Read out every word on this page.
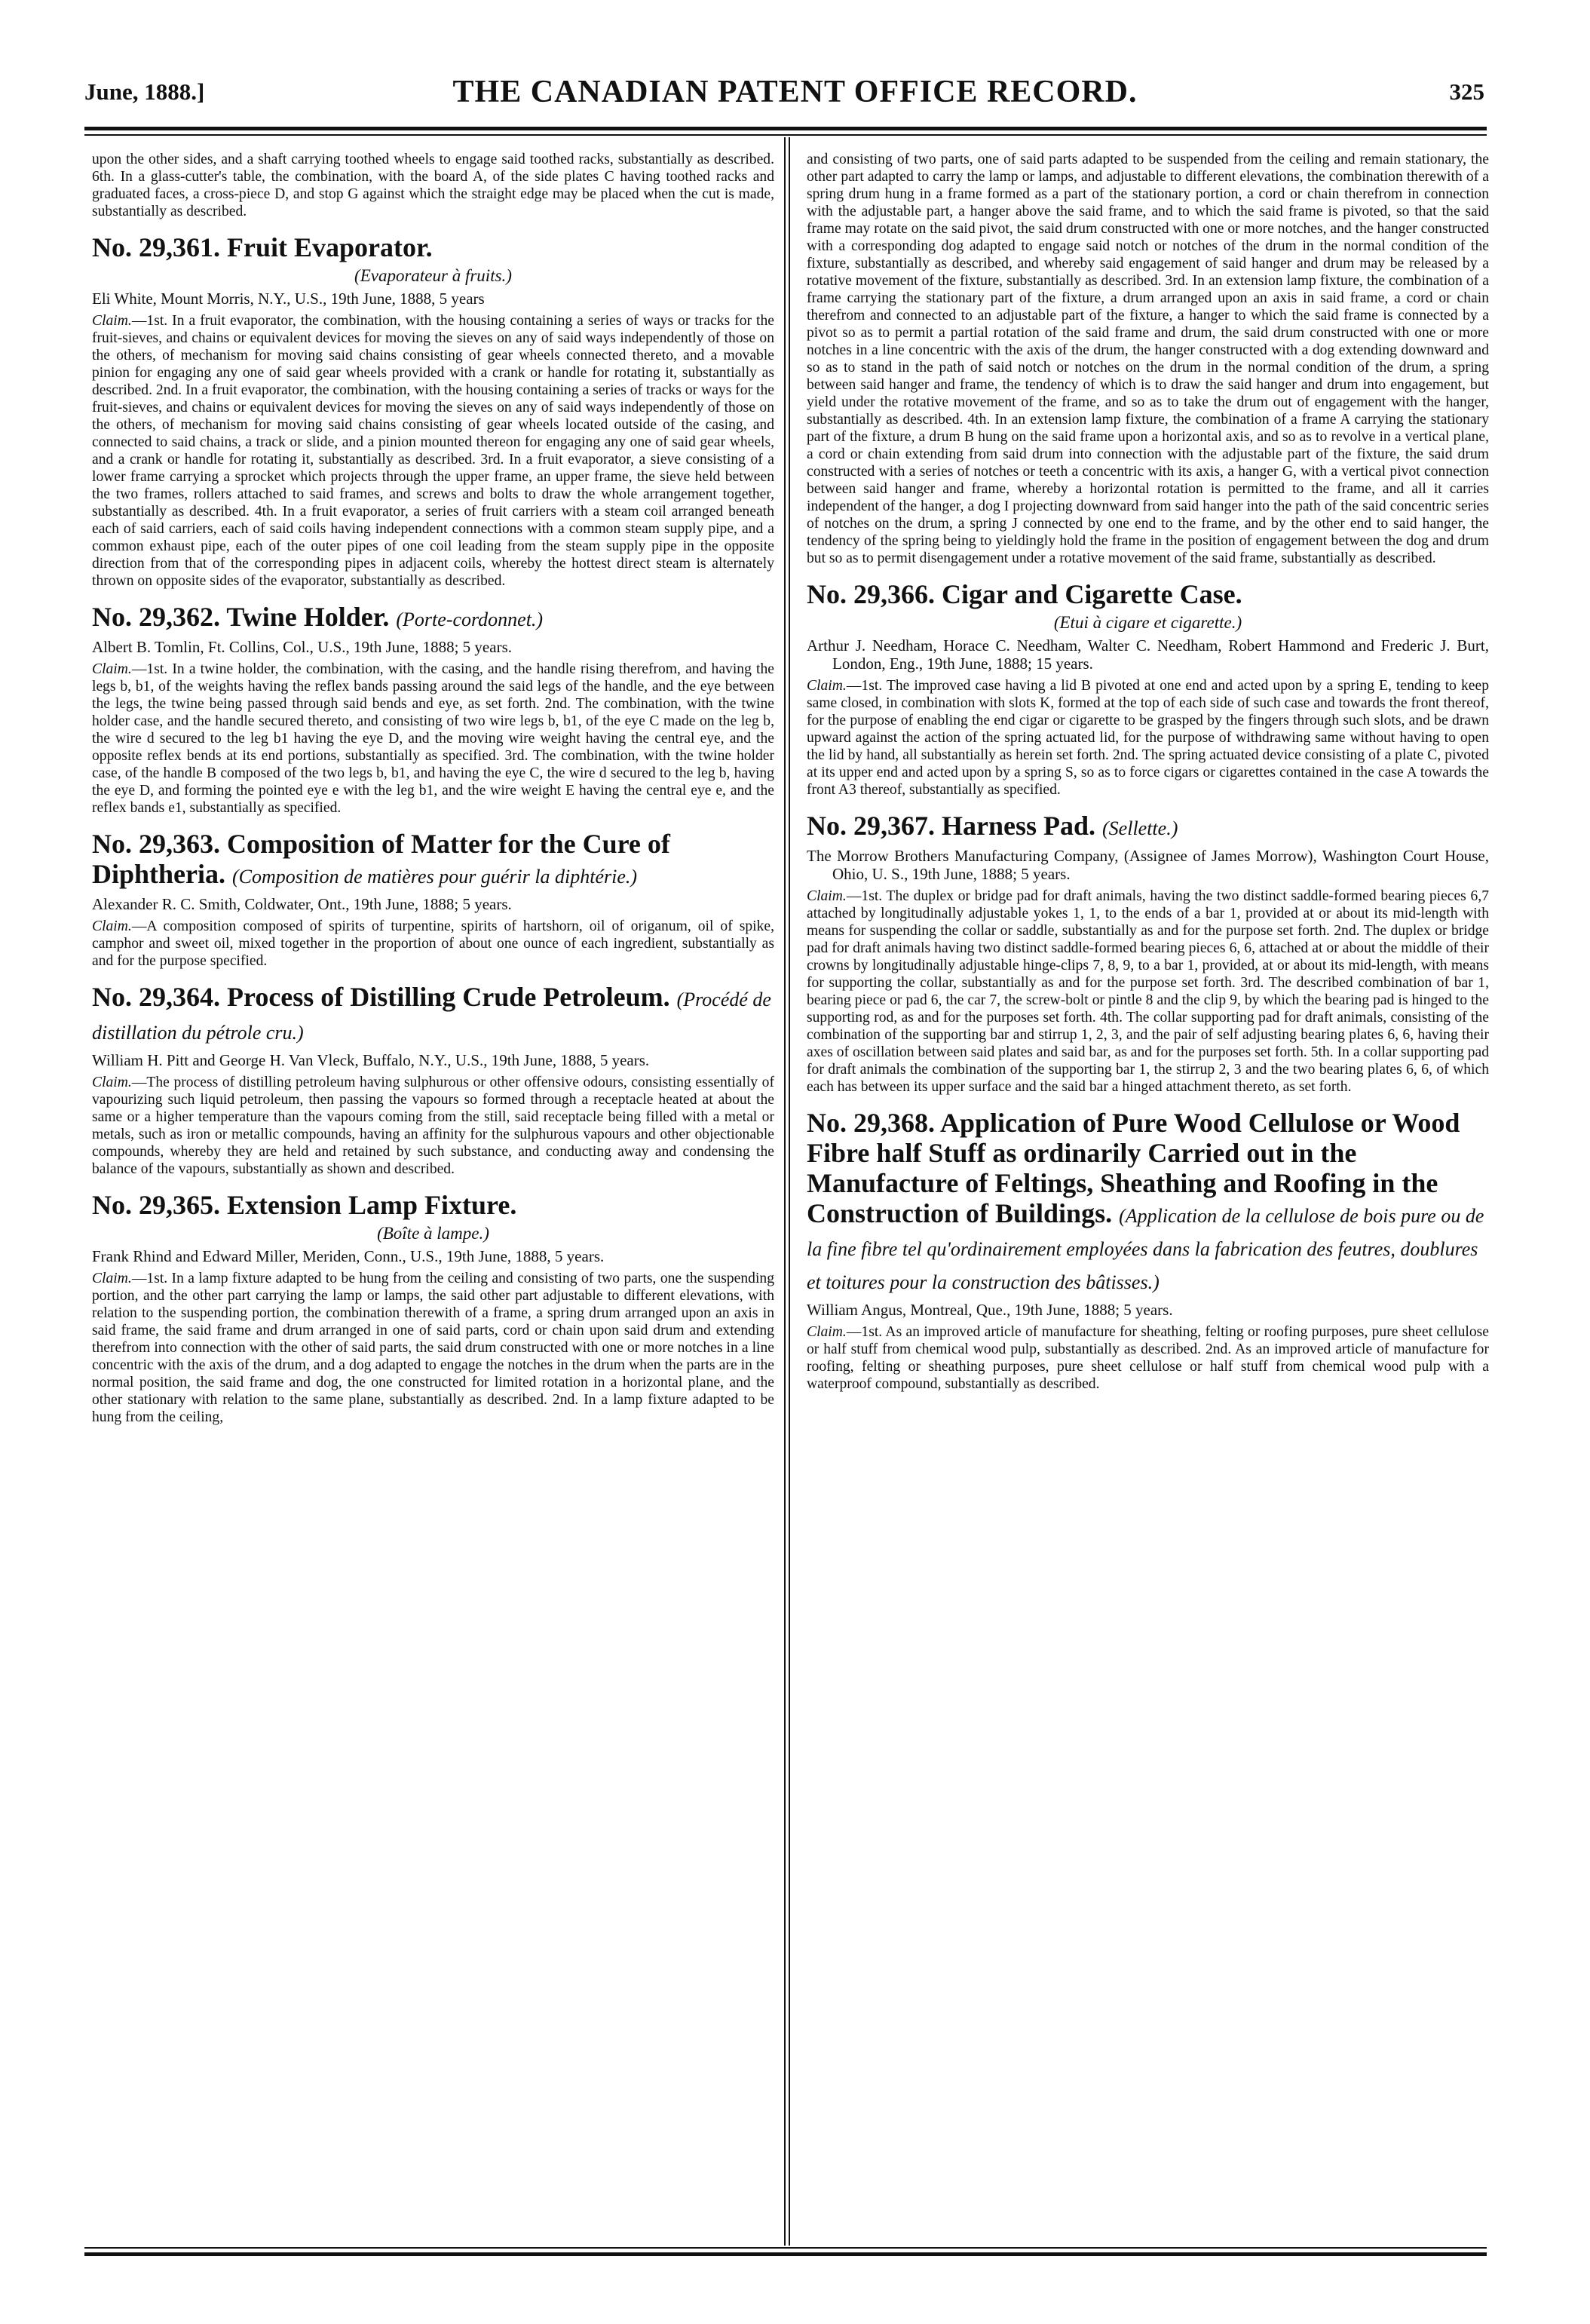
June, 1888.]	THE CANADIAN PATENT OFFICE RECORD.	325

upon the other sides, and a shaft carrying toothed wheels to engage said toothed racks, substantially as described. 6th. In a glass-cutter's table, the combination, with the board A, of the side plates C having toothed racks and graduated faces, a cross-piece D, and stop G against which the straight edge may be placed when the cut is made, substantially as described.

No. 29,361. Fruit Evaporator.

(Evaporateur à fruits.)

Eli White, Mount Morris, N.Y., U.S., 19th June, 1888, 5 years

Claim.—1st. In a fruit evaporator, the combination, with the housing containing a series of ways or tracks for the fruit-sieves, and chains or equivalent devices for moving the sieves on any of said ways independently of those on the others, of mechanism for moving said chains consisting of gear wheels connected thereto, and a movable pinion for engaging any one of said gear wheels provided with a crank or handle for rotating it, substantially as described. 2nd. In a fruit evaporator, the combination, with the housing containing a series of tracks or ways for the fruit-sieves, and chains or equivalent devices for moving the sieves on any of said ways independently of those on the others, of mechanism for moving said chains consisting of gear wheels located outside of the casing, and connected to said chains, a track or slide, and a pinion mounted thereon for engaging any one of said gear wheels, and a crank or handle for rotating it, substantially as described. 3rd. In a fruit evaporator, a sieve consisting of a lower frame carrying a sprocket which projects through the upper frame, an upper frame, the sieve held between the two frames, rollers attached to said frames, and screws and bolts to draw the whole arrangement together, substantially as described. 4th. In a fruit evaporator, a series of fruit carriers with a steam coil arranged beneath each of said carriers, each of said coils having independent connections with a common steam supply pipe, and a common exhaust pipe, each of the outer pipes of one coil leading from the steam supply pipe in the opposite direction from that of the corresponding pipes in adjacent coils, whereby the hottest direct steam is alternately thrown on opposite sides of the evaporator, substantially as described.

No. 29,362. Twine Holder. (Porte-cordonnet.)

Albert B. Tomlin, Ft. Collins, Col., U.S., 19th June, 1888; 5 years.

Claim.—1st. In a twine holder, the combination, with the casing, and the handle rising therefrom, and having the legs b, b1, of the weights having the reflex bands passing around the said legs of the handle, and the eye between the legs, the twine being passed through said bends and eye, as set forth. 2nd. The combination, with the twine holder case, and the handle secured thereto, and consisting of two wire legs b, b1, of the eye C made on the leg b, the wire d secured to the leg b1 having the eye D, and the moving wire weight having the central eye, and the opposite reflex bends at its end portions, substantially as specified. 3rd. The combination, with the twine holder case, of the handle B composed of the two legs b, b1, and having the eye C, the wire d secured to the leg b, having the eye D, and forming the pointed eye e with the leg b1, and the wire weight E having the central eye e, and the reflex bands e1, substantially as specified.

No. 29,363. Composition of Matter for the Cure of Diphtheria. (Composition de matières pour guérir la diphtérie.)

Alexander R. C. Smith, Coldwater, Ont., 19th June, 1888; 5 years.

Claim.—A composition composed of spirits of turpentine, spirits of hartshorn, oil of origanum, oil of spike, camphor and sweet oil, mixed together in the proportion of about one ounce of each ingredient, substantially as and for the purpose specified.

No. 29,364. Process of Distilling Crude Petroleum. (Procédé de distillation du pétrole cru.)

William H. Pitt and George H. Van Vleck, Buffalo, N.Y., U.S., 19th June, 1888, 5 years.

Claim.—The process of distilling petroleum having sulphurous or other offensive odours, consisting essentially of vapourizing such liquid petroleum, then passing the vapours so formed through a receptacle heated at about the same or a higher temperature than the vapours coming from the still, said receptacle being filled with a metal or metals, such as iron or metallic compounds, having an affinity for the sulphurous vapours and other objectionable compounds, whereby they are held and retained by such substance, and conducting away and condensing the balance of the vapours, substantially as shown and described.

No. 29,365. Extension Lamp Fixture.

(Boîte à lampe.)

Frank Rhind and Edward Miller, Meriden, Conn., U.S., 19th June, 1888, 5 years.

Claim.—1st. In a lamp fixture adapted to be hung from the ceiling and consisting of two parts, one the suspending portion, and the other part carrying the lamp or lamps, the said other part adjustable to different elevations, with relation to the suspending portion, the combination therewith of a frame, a spring drum arranged upon an axis in said frame, the said frame and drum arranged in one of said parts, cord or chain upon said drum and extending therefrom into connection with the other of said parts, the said drum constructed with one or more notches in a line concentric with the axis of the drum, and a dog adapted to engage the notches in the drum when the parts are in the normal position, the said frame and dog, the one constructed for limited rotation in a horizontal plane, and the other stationary with relation to the same plane, substantially as described. 2nd. In a lamp fixture adapted to be hung from the ceiling,

and consisting of two parts, one of said parts adapted to be suspended from the ceiling and remain stationary, the other part adapted to carry the lamp or lamps, and adjustable to different elevations, the combination therewith of a spring drum hung in a frame formed as a part of the stationary portion, a cord or chain therefrom in connection with the adjustable part, a hanger above the said frame, and to which the said frame is pivoted, so that the said frame may rotate on the said pivot, the said drum constructed with one or more notches, and the hanger constructed with a corresponding dog adapted to engage said notch or notches of the drum in the normal condition of the fixture, substantially as described, and whereby said engagement of said hanger and drum may be released by a rotative movement of the fixture, substantially as described. 3rd. In an extension lamp fixture, the combination of a frame carrying the stationary part of the fixture, a drum arranged upon an axis in said frame, a cord or chain therefrom and connected to an adjustable part of the fixture, a hanger to which the said frame is connected by a pivot so as to permit a partial rotation of the said frame and drum, the said drum constructed with one or more notches in a line concentric with the axis of the drum, the hanger constructed with a dog extending downward and so as to stand in the path of said notch or notches on the drum in the normal condition of the drum, a spring between said hanger and frame, the tendency of which is to draw the said hanger and drum into engagement, but yield under the rotative movement of the frame, and so as to take the drum out of engagement with the hanger, substantially as described. 4th. In an extension lamp fixture, the combination of a frame A carrying the stationary part of the fixture, a drum B hung on the said frame upon a horizontal axis, and so as to revolve in a vertical plane, a cord or chain extending from said drum into connection with the adjustable part of the fixture, the said drum constructed with a series of notches or teeth a concentric with its axis, a hanger G, with a vertical pivot connection between said hanger and frame, whereby a horizontal rotation is permitted to the frame, and all it carries independent of the hanger, a dog I projecting downward from said hanger into the path of the said concentric series of notches on the drum, a spring J connected by one end to the frame, and by the other end to said hanger, the tendency of the spring being to yieldingly hold the frame in the position of engagement between the dog and drum but so as to permit disengagement under a rotative movement of the said frame, substantially as described.

No. 29,366. Cigar and Cigarette Case.

(Etui à cigare et cigarette.)

Arthur J. Needham, Horace C. Needham, Walter C. Needham, Robert Hammond and Frederic J. Burt, London, Eng., 19th June, 1888; 15 years.

Claim.—1st. The improved case having a lid B pivoted at one end and acted upon by a spring E, tending to keep same closed, in combination with slots K, formed at the top of each side of such case and towards the front thereof, for the purpose of enabling the end cigar or cigarette to be grasped by the fingers through such slots, and be drawn upward against the action of the spring actuated lid, for the purpose of withdrawing same without having to open the lid by hand, all substantially as herein set forth. 2nd. The spring actuated device consisting of a plate C, pivoted at its upper end and acted upon by a spring S, so as to force cigars or cigarettes contained in the case A towards the front A3 thereof, substantially as specified.

No. 29,367. Harness Pad. (Sellette.)

The Morrow Brothers Manufacturing Company, (Assignee of James Morrow), Washington Court House, Ohio, U. S., 19th June, 1888; 5 years.

Claim.—1st. The duplex or bridge pad for draft animals, having the two distinct saddle-formed bearing pieces 6,7 attached by longitudinally adjustable yokes 1, 1, to the ends of a bar 1, provided at or about its mid-length with means for suspending the collar or saddle, substantially as and for the purpose set forth. 2nd. The duplex or bridge pad for draft animals having two distinct saddle-formed bearing pieces 6, 6, attached at or about the middle of their crowns by longitudinally adjustable hinge-clips 7, 8, 9, to a bar 1, provided, at or about its mid-length, with means for supporting the collar, substantially as and for the purpose set forth. 3rd. The described combination of bar 1, bearing piece or pad 6, the car 7, the screw-bolt or pintle 8 and the clip 9, by which the bearing pad is hinged to the supporting rod, as and for the purposes set forth. 4th. The collar supporting pad for draft animals, consisting of the combination of the supporting bar and stirrup 1, 2, 3, and the pair of self adjusting bearing plates 6, 6, having their axes of oscillation between said plates and said bar, as and for the purposes set forth. 5th. In a collar supporting pad for draft animals the combination of the supporting bar 1, the stirrup 2, 3 and the two bearing plates 6, 6, of which each has between its upper surface and the said bar a hinged attachment thereto, as set forth.

No. 29,368. Application of Pure Wood Cellulose or Wood Fibre half Stuff as ordinarily Carried out in the Manufacture of Feltings, Sheathing and Roofing in the Construction of Buildings. (Application de la cellulose de bois pure ou de la fine fibre tel qu'ordinairement employées dans la fabrication des feutres, doublures et toitures pour la construction des bâtisses.)

William Angus, Montreal, Que., 19th June, 1888; 5 years.

Claim.—1st. As an improved article of manufacture for sheathing, felting or roofing purposes, pure sheet cellulose or half stuff from chemical wood pulp, substantially as described. 2nd. As an improved article of manufacture for roofing, felting or sheathing purposes, pure sheet cellulose or half stuff from chemical wood pulp with a waterproof compound, substantially as described.
